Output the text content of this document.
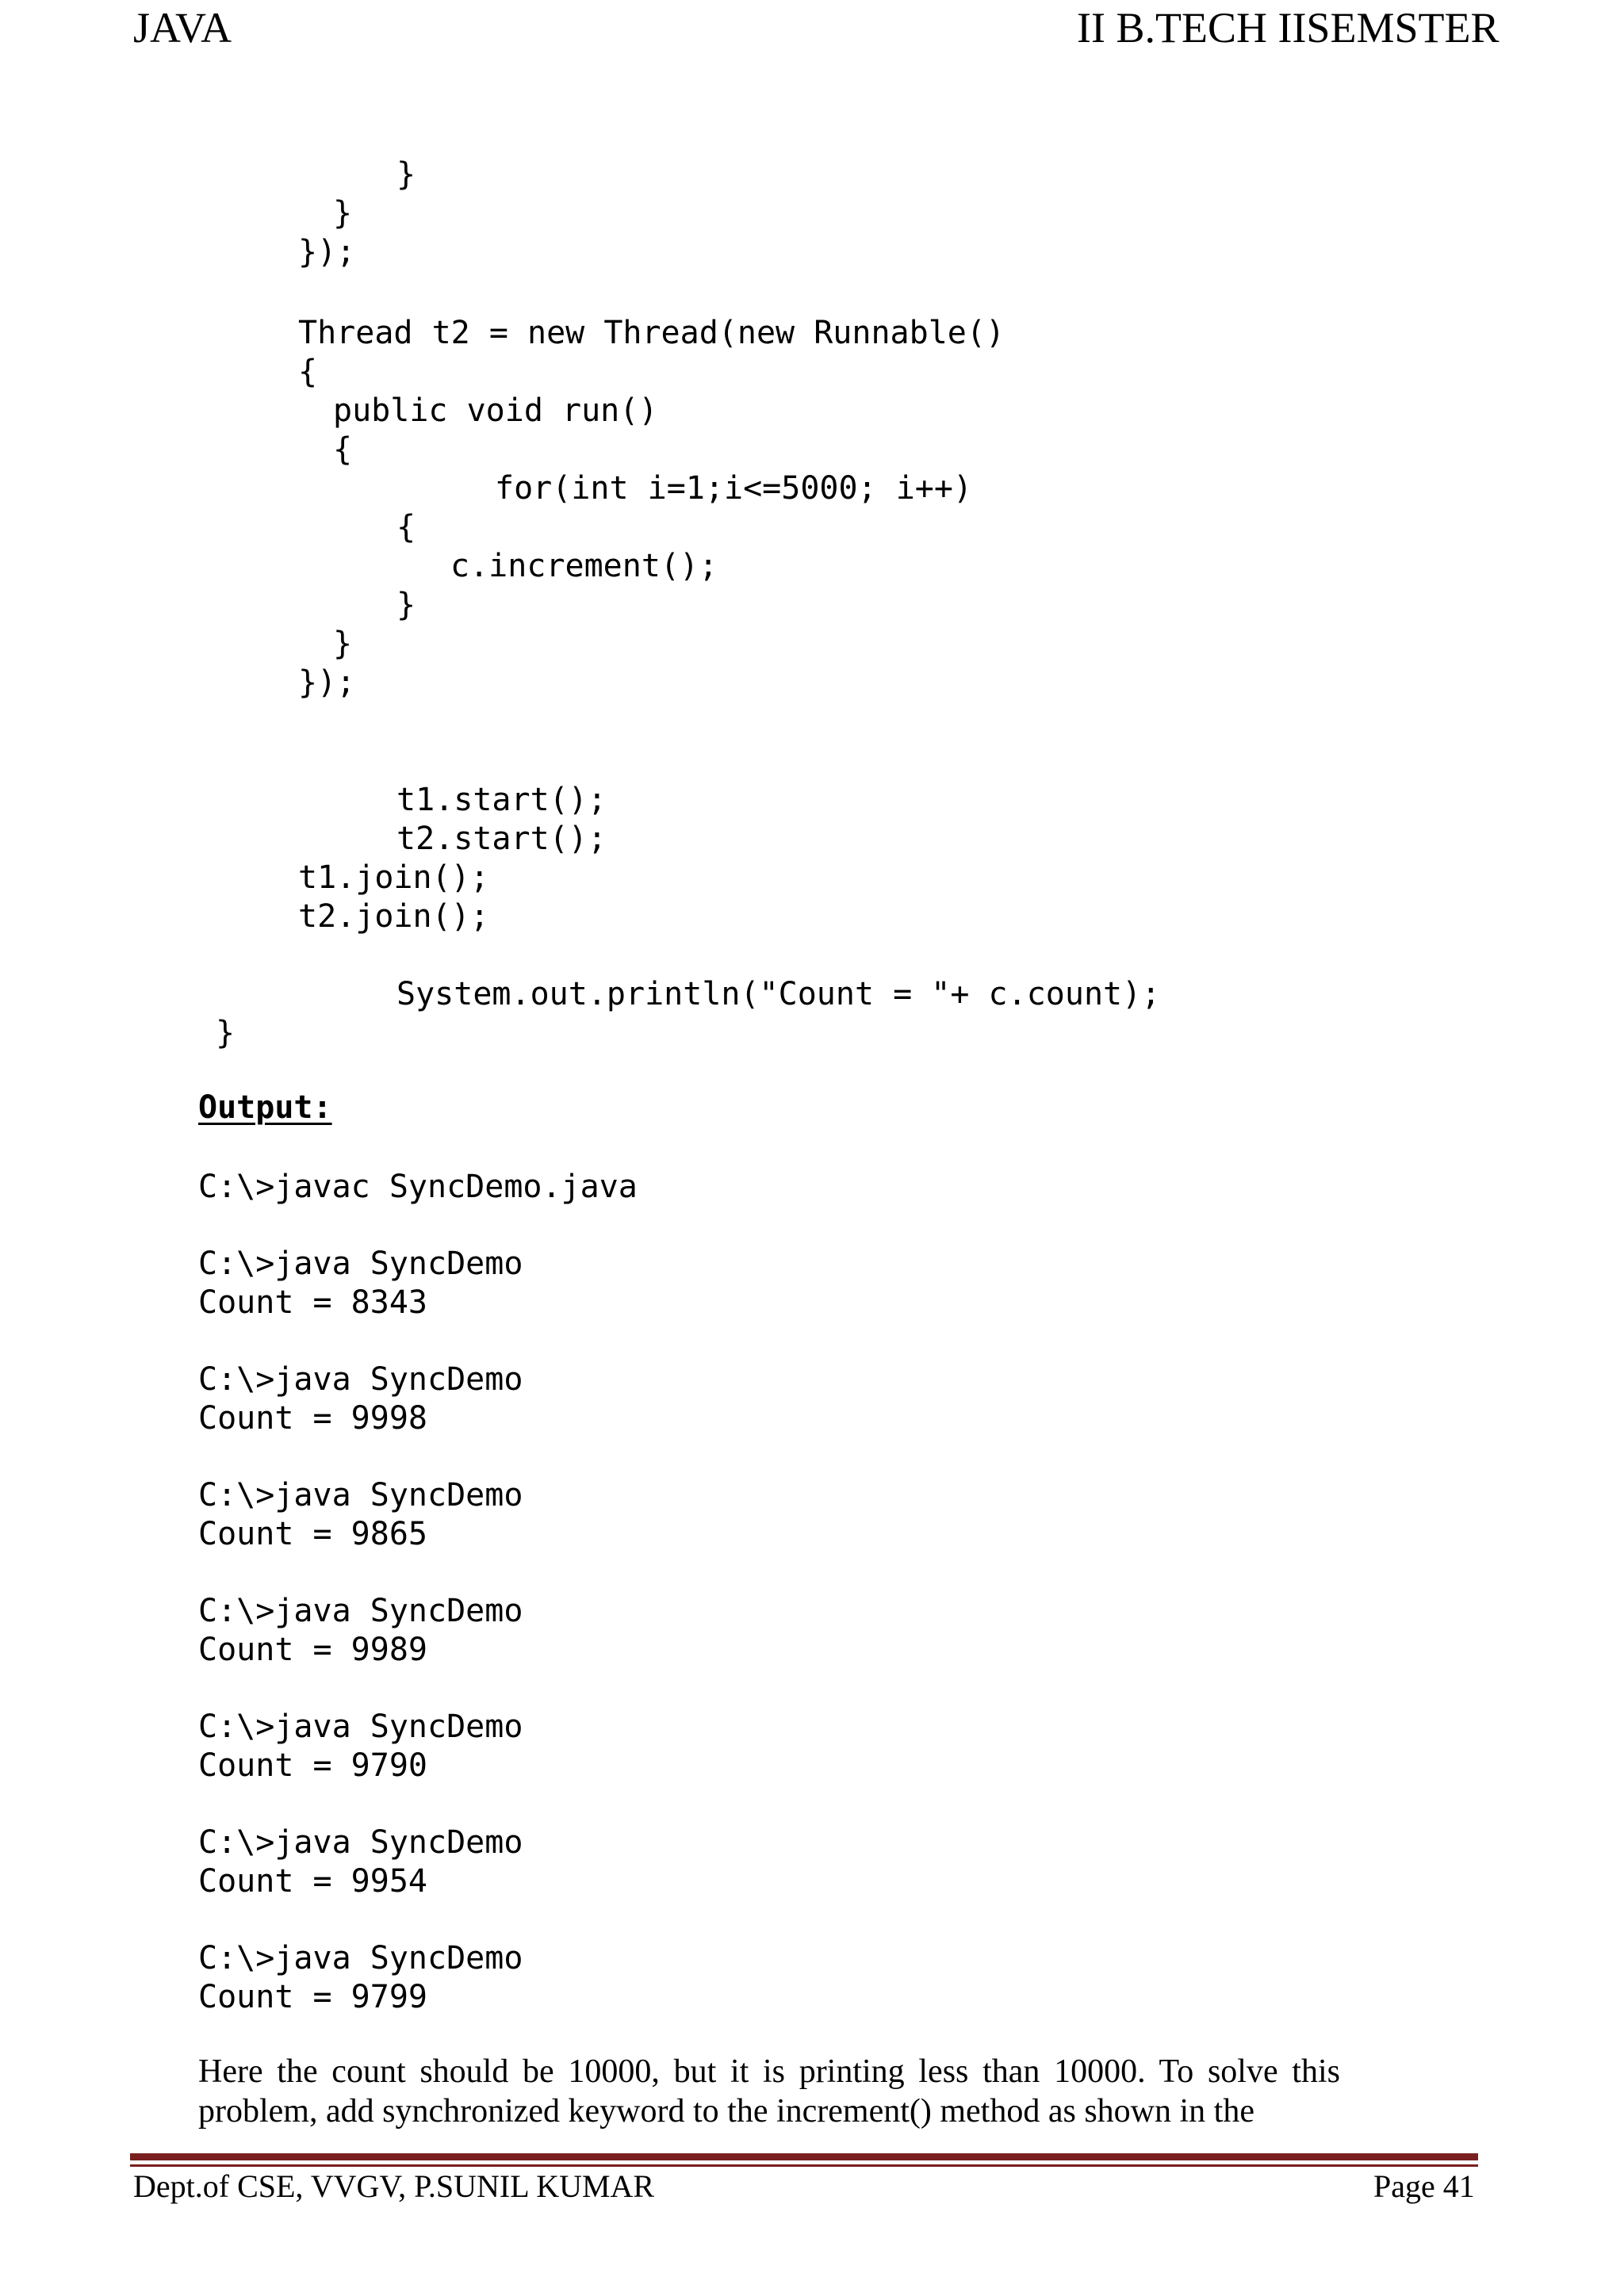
JAVA	II B.TECH IISEMSTER
}
}
});
Thread t2 = new Thread(new Runnable()
{
public void run()
{
for(int i=1;i<=5000; i++)
{
c.increment();
}
}
});
t1.start();
t2.start();
t1.join();
t2.join();
System.out.println("Count = "+ c.count);
}
Output:
C:\>javac SyncDemo.java
C:\>java SyncDemo
Count = 8343
C:\>java SyncDemo
Count = 9998
C:\>java SyncDemo
Count = 9865
C:\>java SyncDemo
Count = 9989
C:\>java SyncDemo
Count = 9790
C:\>java SyncDemo
Count = 9954
C:\>java SyncDemo
Count = 9799
Here the count should be 10000, but it is printing less than 10000. To solve this problem, add synchronized keyword to the increment() method as shown in the
Dept.of CSE, VVGV, P.SUNIL KUMAR	Page 41
